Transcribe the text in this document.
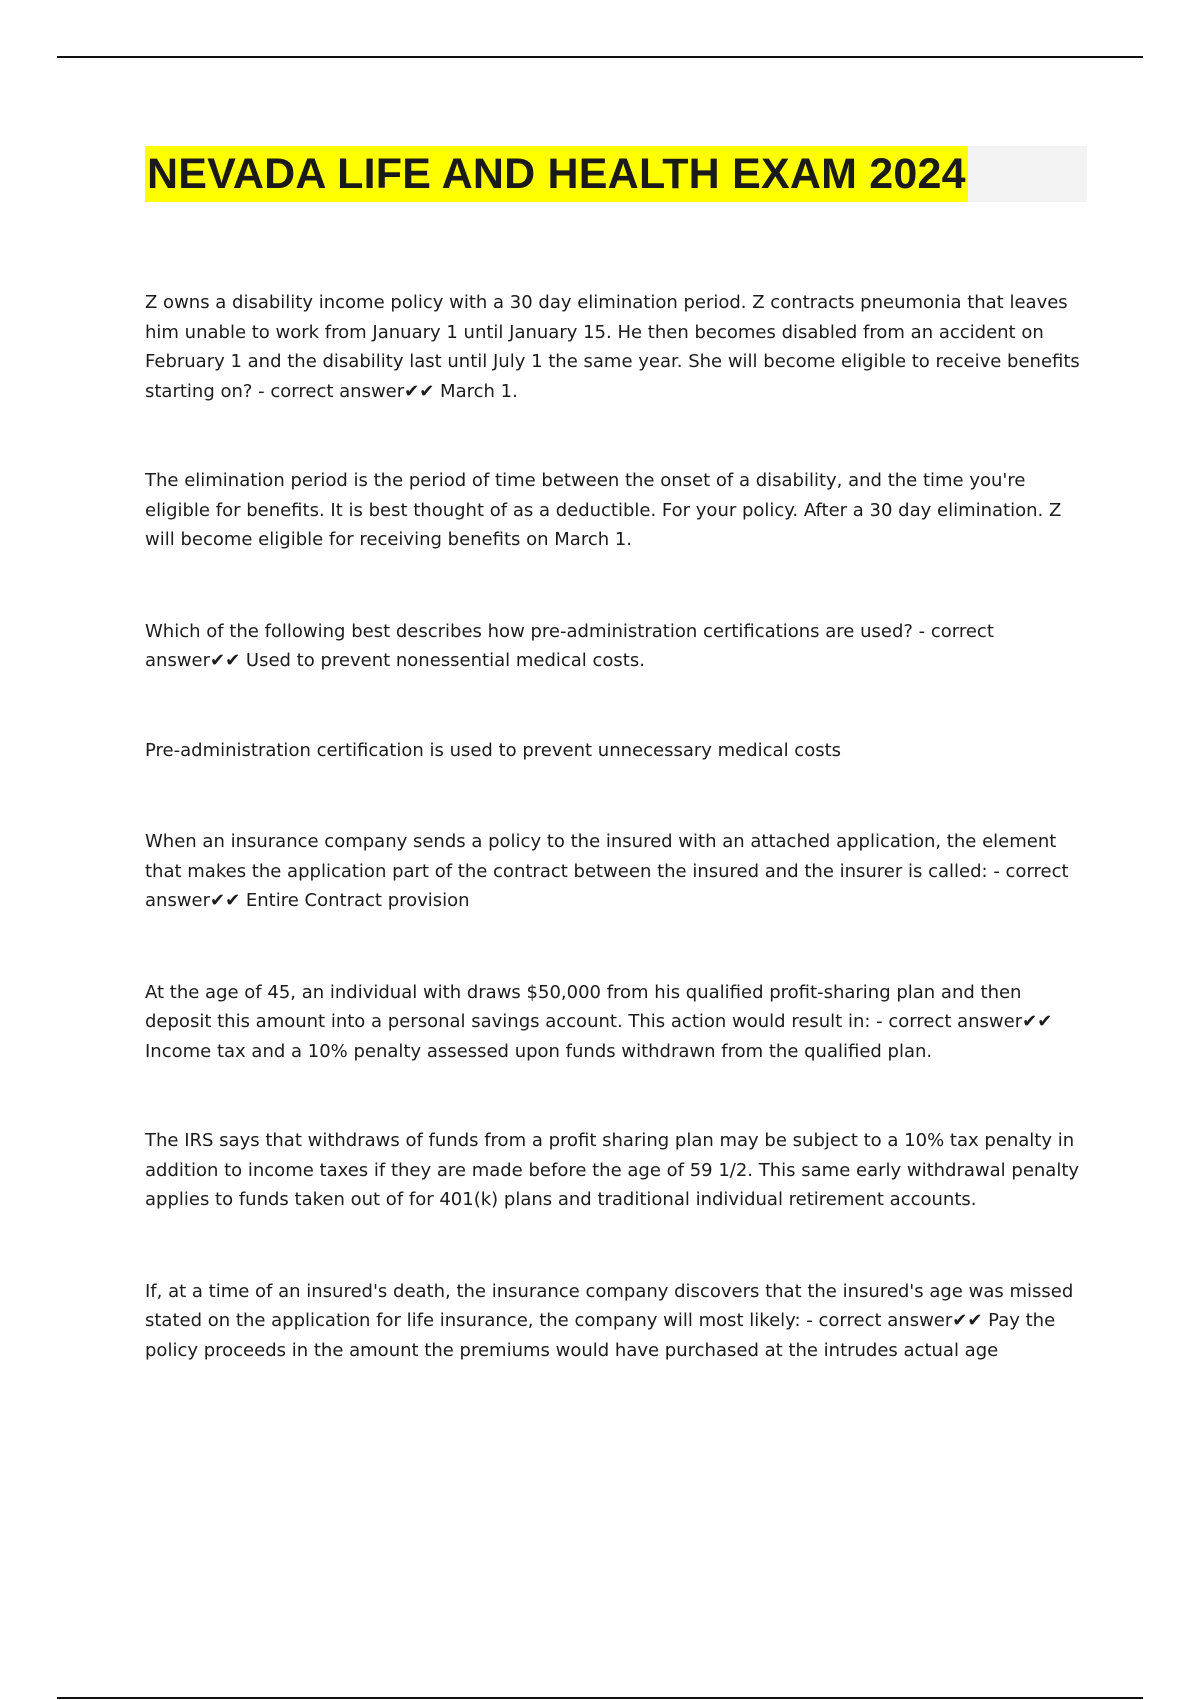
NEVADA LIFE AND HEALTH EXAM 2024

Z owns a disability income policy with a 30 day elimination period. Z contracts pneumonia that leaves him unable to work from January 1 until January 15. He then becomes disabled from an accident on February 1 and the disability last until July 1 the same year. She will become eligible to receive benefits starting on? - correct answer✔✔ March 1.

The elimination period is the period of time between the onset of a disability, and the time you're eligible for benefits. It is best thought of as a deductible. For your policy. After a 30 day elimination. Z will become eligible for receiving benefits on March 1.

Which of the following best describes how pre-administration certifications are used? - correct answer✔✔ Used to prevent nonessential medical costs.

Pre-administration certification is used to prevent unnecessary medical costs

When an insurance company sends a policy to the insured with an attached application, the element that makes the application part of the contract between the insured and the insurer is called: - correct answer✔✔ Entire Contract provision

At the age of 45, an individual with draws $50,000 from his qualified profit-sharing plan and then deposit this amount into a personal savings account. This action would result in: - correct answer✔✔ Income tax and a 10% penalty assessed upon funds withdrawn from the qualified plan.

The IRS says that withdraws of funds from a profit sharing plan may be subject to a 10% tax penalty in addition to income taxes if they are made before the age of 59 1/2. This same early withdrawal penalty applies to funds taken out of for 401(k) plans and traditional individual retirement accounts.

If, at a time of an insured's death, the insurance company discovers that the insured's age was missed stated on the application for life insurance, the company will most likely: - correct answer✔✔ Pay the policy proceeds in the amount the premiums would have purchased at the intrudes actual age
